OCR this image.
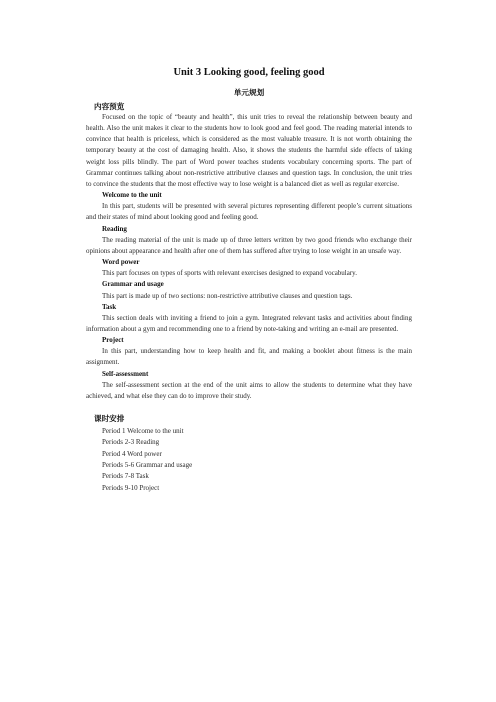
Unit 3 Looking good, feeling good
单元规划
内容预览

Focused on the topic of “beauty and health”, this unit tries to reveal the relationship between beauty and health. Also the unit makes it clear to the students how to look good and feel good. The reading material intends to convince that health is priceless, which is considered as the most valuable treasure. It is not worth obtaining the temporary beauty at the cost of damaging health. Also, it shows the students the harmful side effects of taking weight loss pills blindly. The part of Word power teaches students vocabulary concerning sports. The part of Grammar continues talking about non-restrictive attributive clauses and question tags. In conclusion, the unit tries to convince the students that the most effective way to lose weight is a balanced diet as well as regular exercise.

Welcome to the unit

In this part, students will be presented with several pictures representing different people’s current situations and their states of mind about looking good and feeling good.

Reading

The reading material of the unit is made up of three letters written by two good friends who exchange their opinions about appearance and health after one of them has suffered after trying to lose weight in an unsafe way.

Word power

This part focuses on types of sports with relevant exercises designed to expand vocabulary.

Grammar and usage

This part is made up of two sections: non-restrictive attributive clauses and question tags.

Task

This section deals with inviting a friend to join a gym. Integrated relevant tasks and activities about finding information about a gym and recommending one to a friend by note-taking and writing an e-mail are presented.

Project

In this part, understanding how to keep health and fit, and making a booklet about fitness is the main assignment.

Self-assessment

The self-assessment section at the end of the unit aims to allow the students to determine what they have achieved, and what else they can do to improve their study.

课时安排

Period 1 Welcome to the unit

Periods 2-3 Reading

Period 4 Word power

Periods 5-6 Grammar and usage

Periods 7-8 Task

Periods 9-10 Project
